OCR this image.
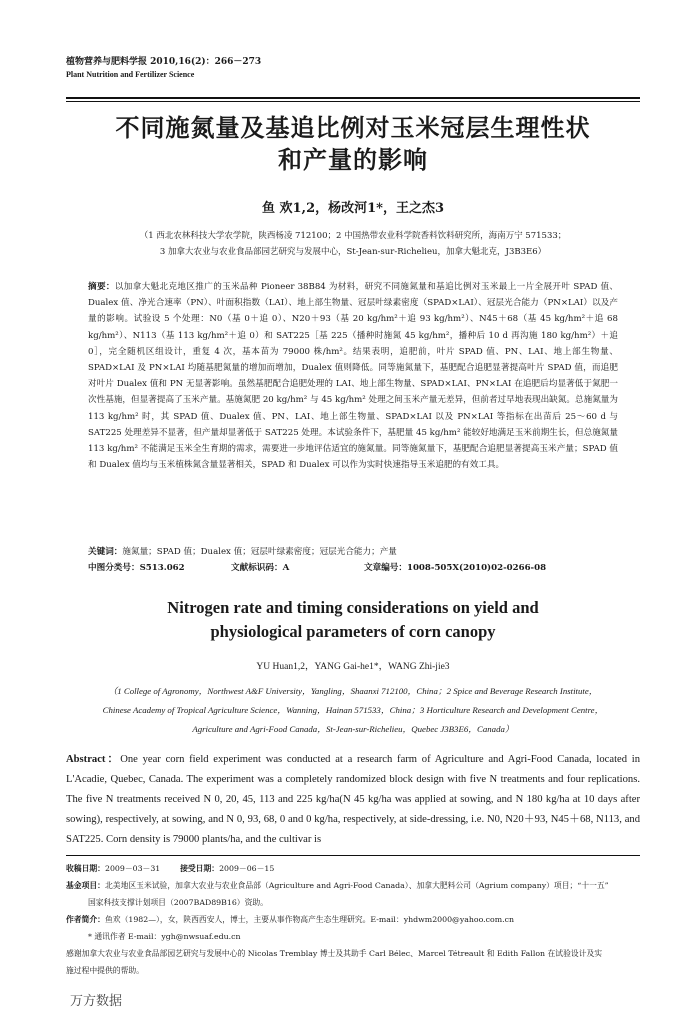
植物营养与肥料学报 2010,16(2)：266－273
Plant Nutrition and Fertilizer Science
不同施氮量及基追比例对玉米冠层生理性状
和产量的影响
鱼 欢1,2，杨改河1*，王之杰3
（1 西北农林科技大学农学院，陕西杨凌 712100；2 中国热带农业科学院香料饮料研究所，海南万宁 571533；
3 加拿大农业与农业食品部园艺研究与发展中心，St-Jean-sur-Richelieu，加拿大魁北克，J3B3E6）
摘要：以加拿大魁北克地区推广的玉米品种 Pioneer 38B84 为材料，研究不同施氮量和基追比例对玉米最上一片全展开叶 SPAD 值、Dualex 值、净光合速率（PN）、叶面积指数（LAI）、地上部生物量、冠层叶绿素密度（SPAD×LAI）、冠层光合能力（PN×LAI）以及产量的影响。试验设 5 个处理：N0（基 0＋追 0）、N20＋93（基 20 kg/hm²＋追 93 kg/hm²）、N45＋68（基 45 kg/hm²＋追 68 kg/hm²）、N113（基 113 kg/hm²＋追 0）和 SAT225［基 225（播种时施氮 45 kg/hm²，播种后 10 d 再沟施 180 kg/hm²）＋追 0］，完全随机区组设计，重复 4 次，基本苗为 79000 株/hm²。结果表明，追肥前，叶片 SPAD 值、PN、LAI、地上部生物量、SPAD×LAI 及 PN×LAI 均随基肥氮量的增加而增加，Dualex 值则降低。同等施氮量下，基肥配合追肥显著提高叶片 SPAD 值，而追肥对叶片 Dualex 值和 PN 无显著影响。虽然基肥配合追肥处理的 LAI、地上部生物量、SPAD×LAI、PN×LAI 在追肥后均显著低于氮肥一次性基施，但显著提高了玉米产量。基施氮肥 20 kg/hm² 与 45 kg/hm² 处理之间玉米产量无差异，但前者过早地表现出缺氮。总施氮量为 113 kg/hm² 时，其 SPAD 值、Dualex 值、PN、LAI、地上部生物量、SPAD×LAI 以及 PN×LAI 等指标在出苗后 25～60 d 与 SAT225 处理差异不显著，但产量却显著低于 SAT225 处理。本试验条件下，基肥量 45 kg/hm² 能较好地满足玉米前期生长，但总施氮量 113 kg/hm² 不能满足玉米全生育期的需求，需要进一步地评估适宜的施氮量。同等施氮量下，基肥配合追肥显著提高玉米产量；SPAD 值和 Dualex 值均与玉米植株氮含量显著相关，SPAD 和 Dualex 可以作为实时快速指导玉米追肥的有效工具。
关键词：施氮量；SPAD 值；Dualex 值；冠层叶绿素密度；冠层光合能力；产量
中图分类号：S513.062	文献标识码：A	文章编号：1008-505X(2010)02-0266-08
Nitrogen rate and timing considerations on yield and
physiological parameters of corn canopy
YU Huan1,2，YANG Gai-he1*，WANG Zhi-jie3
（1 College of Agronomy，Northwest A&F University，Yangling，Shaanxi 712100，China；2 Spice and Beverage Research Institute，
Chinese Academy of Tropical Agriculture Science，Wanning，Hainan 571533，China；3 Horticulture Research and Development Centre，
Agriculture and Agri-Food Canada，St-Jean-sur-Richelieu，Quebec J3B3E6，Canada）
Abstract：One year corn field experiment was conducted at a research farm of Agriculture and Agri-Food Canada, located in L'Acadie, Quebec, Canada. The experiment was a completely randomized block design with five N treatments and four replications. The five N treatments received N 0, 20, 45, 113 and 225 kg/ha(N 45 kg/ha was applied at sowing, and N 180 kg/ha at 10 days after sowing), respectively, at sowing, and N 0, 93, 68, 0 and 0 kg/ha, respectively, at side-dressing, i.e. N0, N20＋93, N45＋68, N113, and SAT225. Corn density is 79000 plants/ha, and the cultivar is
收稿日期：2009－03－31	接受日期：2009－06－15
基金项目：北美地区玉米试验，加拿大农业与农业食品部（Agriculture and Agri-Food Canada）、加拿大肥料公司（Agrium company）项目；“十一五”
国家科技支撑计划项目（2007BAD89B16）资助。
作者简介：鱼欢（1982—），女，陕西西安人，博士，主要从事作物高产生态生理研究。E-mail：yhdwm2000@yahoo.com.cn
* 通讯作者 E-mail：ygh@nwsuaf.edu.cn
感谢加拿大农业与农业食品部园艺研究与发展中心的 Nicolas Tremblay 博士及其助手 Carl Bélec、Marcel Tétreault 和 Edith Fallon 在试验设计及实
施过程中提供的帮助。
万方数据
